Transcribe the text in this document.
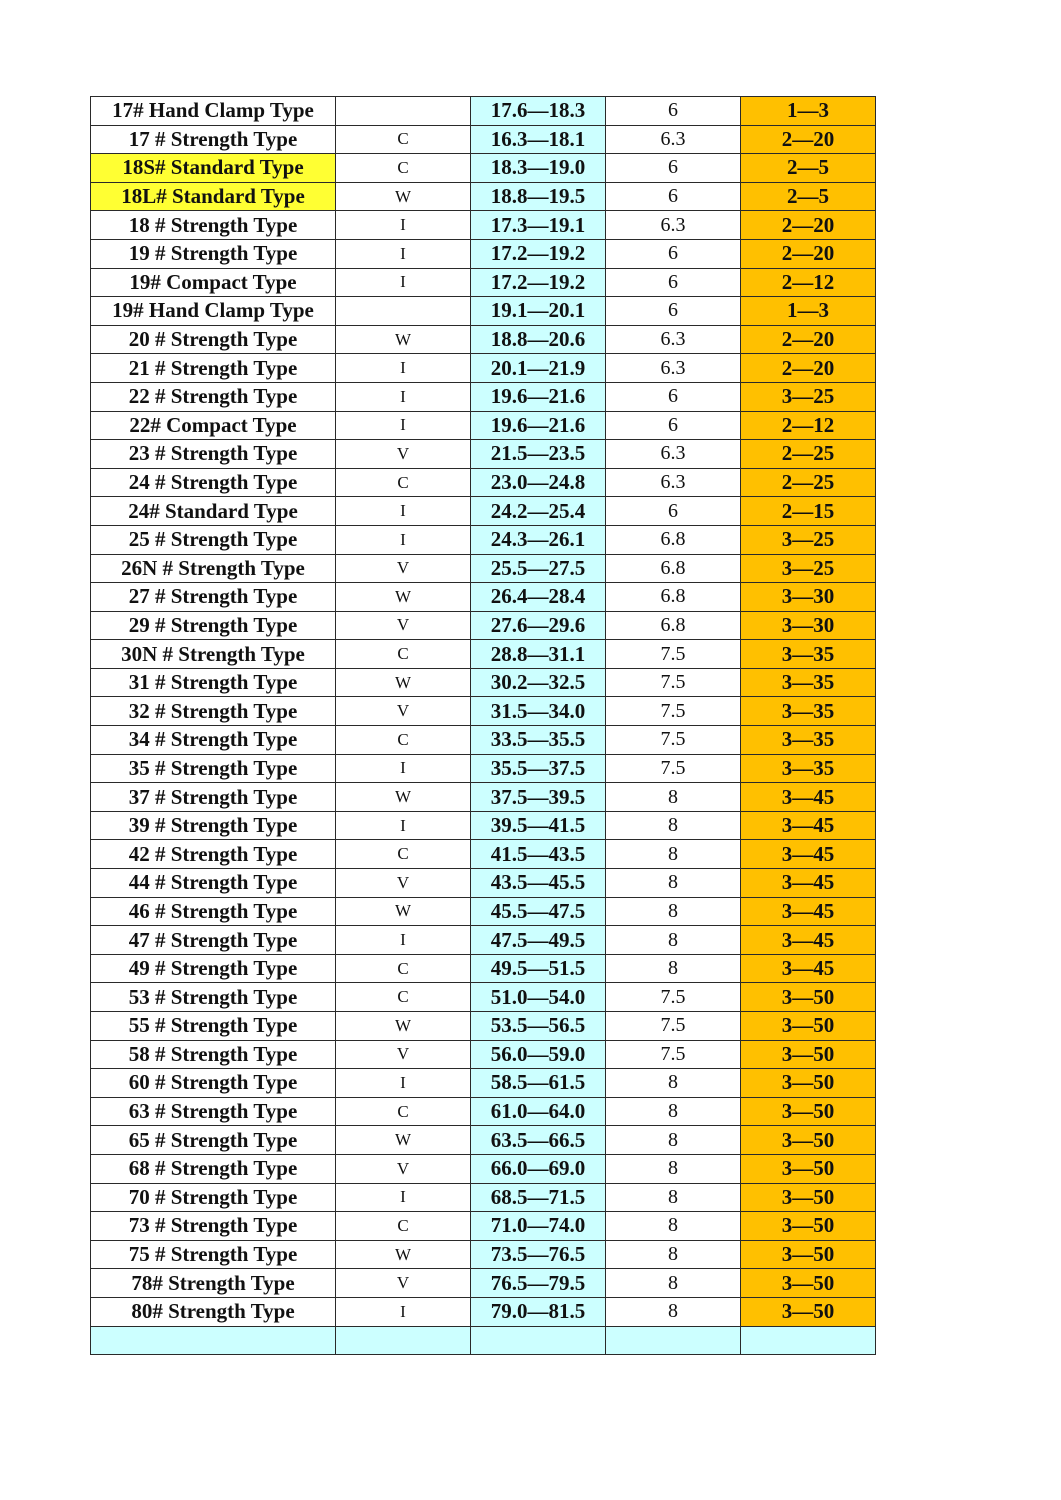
17# Hand Clamp Type		17.6—18.3	6	1—3
17 # Strength Type	C	16.3—18.1	6.3	2—20
18S# Standard Type	C	18.3—19.0	6	2—5
18L# Standard Type	W	18.8—19.5	6	2—5
18 # Strength Type	I	17.3—19.1	6.3	2—20
19 # Strength Type	I	17.2—19.2	6	2—20
19# Compact Type	I	17.2—19.2	6	2—12
19# Hand Clamp Type		19.1—20.1	6	1—3
20 # Strength Type	W	18.8—20.6	6.3	2—20
21 # Strength Type	I	20.1—21.9	6.3	2—20
22 # Strength Type	I	19.6—21.6	6	3—25
22# Compact Type	I	19.6—21.6	6	2—12
23 # Strength Type	V	21.5—23.5	6.3	2—25
24 # Strength Type	C	23.0—24.8	6.3	2—25
24# Standard Type	I	24.2—25.4	6	2—15
25 # Strength Type	I	24.3—26.1	6.8	3—25
26N # Strength Type	V	25.5—27.5	6.8	3—25
27 # Strength Type	W	26.4—28.4	6.8	3—30
29 # Strength Type	V	27.6—29.6	6.8	3—30
30N # Strength Type	C	28.8—31.1	7.5	3—35
31 # Strength Type	W	30.2—32.5	7.5	3—35
32 # Strength Type	V	31.5—34.0	7.5	3—35
34 # Strength Type	C	33.5—35.5	7.5	3—35
35 # Strength Type	I	35.5—37.5	7.5	3—35
37 # Strength Type	W	37.5—39.5	8	3—45
39 # Strength Type	I	39.5—41.5	8	3—45
42 # Strength Type	C	41.5—43.5	8	3—45
44 # Strength Type	V	43.5—45.5	8	3—45
46 # Strength Type	W	45.5—47.5	8	3—45
47 # Strength Type	I	47.5—49.5	8	3—45
49 # Strength Type	C	49.5—51.5	8	3—45
53 # Strength Type	C	51.0—54.0	7.5	3—50
55 # Strength Type	W	53.5—56.5	7.5	3—50
58 # Strength Type	V	56.0—59.0	7.5	3—50
60 # Strength Type	I	58.5—61.5	8	3—50
63 # Strength Type	C	61.0—64.0	8	3—50
65 # Strength Type	W	63.5—66.5	8	3—50
68 # Strength Type	V	66.0—69.0	8	3—50
70 # Strength Type	I	68.5—71.5	8	3—50
73 # Strength Type	C	71.0—74.0	8	3—50
75 # Strength Type	W	73.5—76.5	8	3—50
78# Strength Type	V	76.5—79.5	8	3—50
80# Strength Type	I	79.0—81.5	8	3—50
